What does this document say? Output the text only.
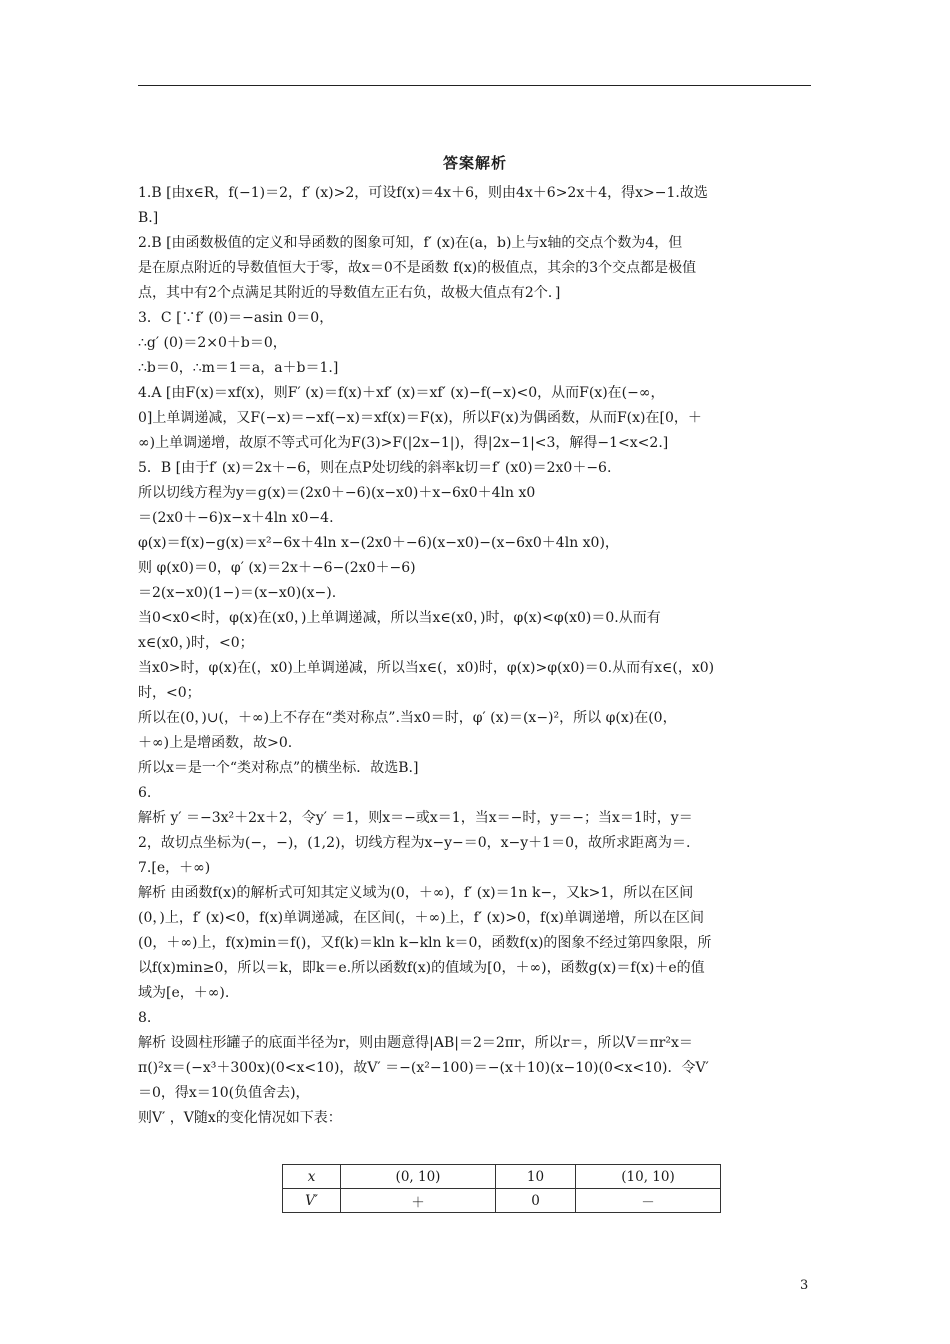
答案解析
1.B [由x∈R，f(−1)＝2，f′ (x)>2，可设f(x)＝4x＋6，则由4x＋6>2x＋4，得x>−1.故选
B.]
2.B [由函数极值的定义和导函数的图象可知，f′ (x)在(a，b)上与x轴的交点个数为4，但
是在原点附近的导数值恒大于零，故x＝0不是函数 f(x)的极值点，其余的3个交点都是极值
点，其中有2个点满足其附近的导数值左正右负，故极大值点有2个．]
3．C [∵f′ (0)＝−asin 0＝0，
∴g′ (0)＝2×0＋b＝0，
∴b＝0，∴m＝1＝a，a＋b＝1.]
4.A [由F(x)＝xf(x)，则F′ (x)＝f(x)＋xf′ (x)＝xf′ (x)−f(−x)<0，从而F(x)在(−∞，
0]上单调递减，又F(−x)＝−xf(−x)＝xf(x)＝F(x)，所以F(x)为偶函数，从而F(x)在[0，＋
∞)上单调递增，故原不等式可化为F(3)>F(|2x−1|)，得|2x−1|<3，解得−1<x<2.]
5．B [由于f′ (x)＝2x＋−6，则在点P处切线的斜率k切＝f′ (x0)＝2x0＋−6.
所以切线方程为y＝g(x)＝(2x0＋−6)(x−x0)＋x−6x0＋4ln x0
＝(2x0＋−6)x−x＋4ln x0−4.
φ(x)＝f(x)−g(x)＝x²−6x＋4ln x−(2x0＋−6)(x−x0)−(x−6x0＋4ln x0)，
则 φ(x0)＝0，φ′ (x)＝2x＋−6−(2x0＋−6)
＝2(x−x0)(1−)＝(x−x0)(x−).
当0<x0<时，φ(x)在(x0，)上单调递减，所以当x∈(x0，)时，φ(x)<φ(x0)＝0.从而有
x∈(x0，)时，<0；
当x0>时，φ(x)在(，x0)上单调递减，所以当x∈(，x0)时，φ(x)>φ(x0)＝0.从而有x∈(，x0)
时，<0；
所以在(0，)∪(，＋∞)上不存在“类对称点”.当x0＝时，φ′ (x)＝(x−)²，所以 φ(x)在(0，
＋∞)上是增函数，故>0.
所以x＝是一个“类对称点”的横坐标．故选B.]
6.
解析 y′ ＝−3x²＋2x＋2，令y′ ＝1，则x＝−或x＝1，当x＝−时，y＝−；当x＝1时，y＝
2，故切点坐标为(−，−)，(1,2)，切线方程为x−y−＝0，x−y＋1＝0，故所求距离为＝.
7.[e，＋∞)
解析 由函数f(x)的解析式可知其定义域为(0，＋∞)，f′ (x)＝1n k−，又k>1，所以在区间
(0，)上，f′ (x)<0，f(x)单调递减，在区间(，＋∞)上，f′ (x)>0，f(x)单调递增，所以在区间
(0，＋∞)上，f(x)min＝f()，又f(k)＝kln k−kln k＝0，函数f(x)的图象不经过第四象限，所
以f(x)min≥0，所以＝k，即k＝e.所以函数f(x)的值域为[0，＋∞)，函数g(x)＝f(x)＋e的值
域为[e，＋∞).
8.
解析 设圆柱形罐子的底面半径为r，则由题意得|AB|＝2＝2πr，所以r＝，所以V＝πr²x＝
π()²x＝(−x³＋300x)(0<x<10)，故V′ ＝−(x²−100)＝−(x＋10)(x−10)(0<x<10)．令V′
＝0，得x＝10(负值舍去)，
则V′ ，V随x的变化情况如下表：
x	(0, 10)	10	(10, 10)
V′	＋	0	－
3
